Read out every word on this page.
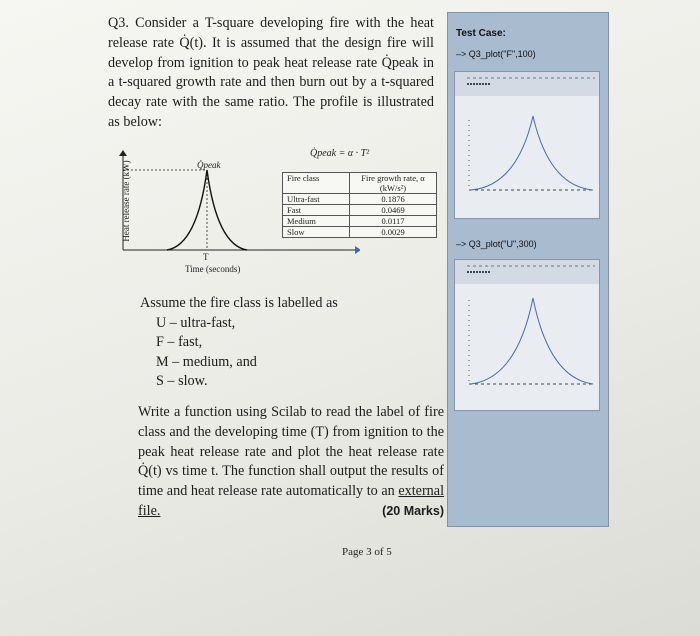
Q3. Consider a T-square developing fire with the heat release rate Q̇(t). It is assumed that the design fire will develop from ignition to peak heat release rate Q̇peak in a t-squared growth rate and then burn out by a t-squared decay rate with the same ratio. The profile is illustrated as below:
Heat release rate (kW)	Q̇peak
T
Time (seconds)
Q̇peak = α · T²
Fire class	Fire growth rate, α (kW/s²)
Ultra-fast	0.1876
Fast	0.0469
Medium	0.0117
Slow	0.0029
Assume the fire class is labelled as
U – ultra-fast,
F – fast,
M – medium, and
S – slow.
Write a function using Scilab to read the label of fire class and the developing time (T) from ignition to the peak heat release rate and plot the heat release rate Q̇(t) vs time t. The function shall output the results of time and heat release rate automatically to an external file.	(20 Marks)
Page 3 of 5
Test Case:
–> Q3_plot("F",100)
–> Q3_plot("U",300)
